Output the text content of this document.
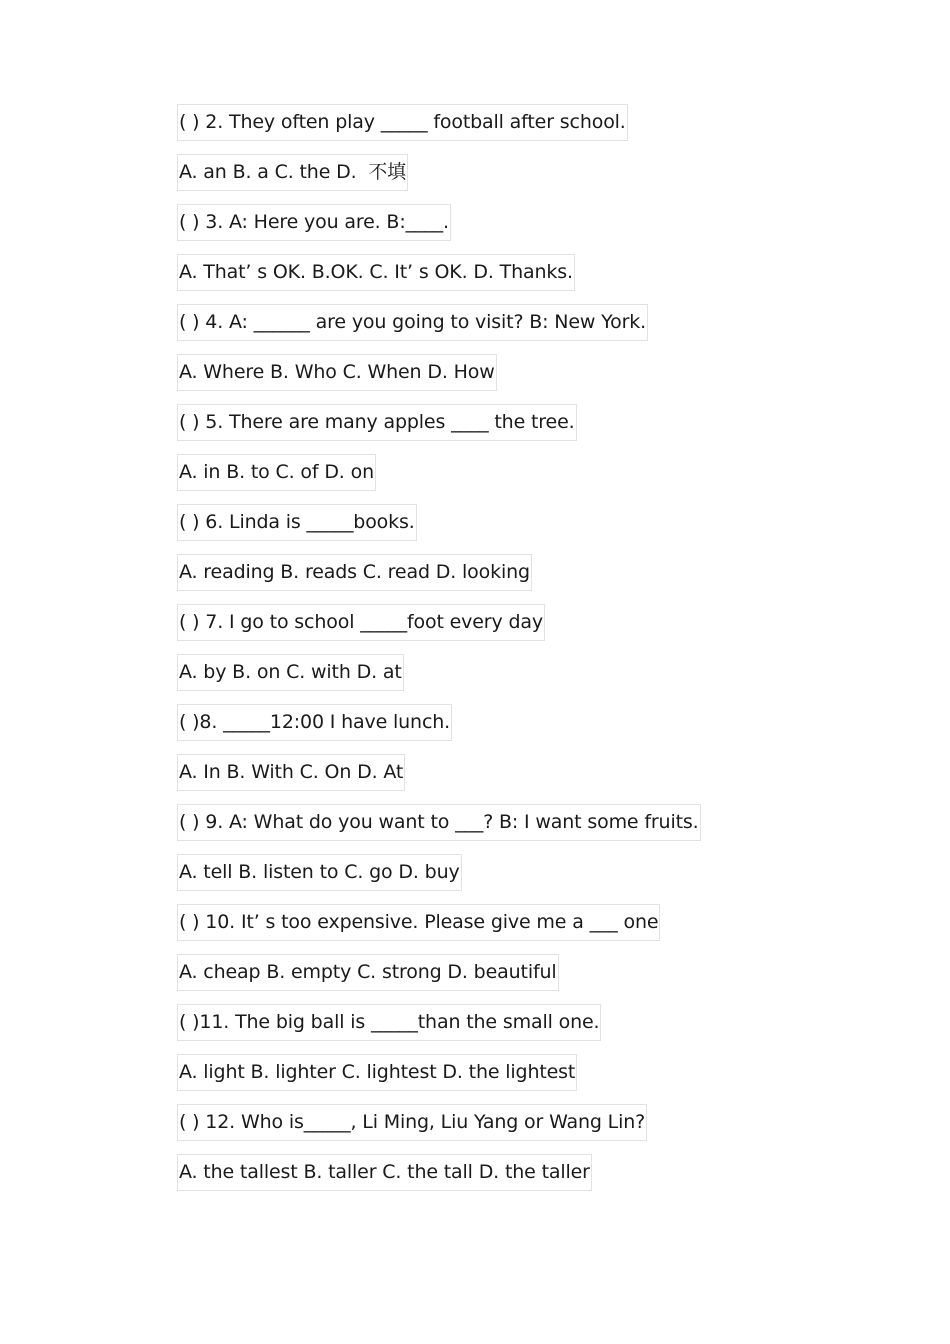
( ) 2. They often play _____ football after school.
A. an B. a C. the D.  不填
( ) 3. A: Here you are. B:____.
A. That’ s OK. B.OK. C. It’ s OK. D. Thanks.
( ) 4. A: ______ are you going to visit? B: New York.
A. Where B. Who C. When D. How
( ) 5. There are many apples ____ the tree.
A. in B. to C. of D. on
( ) 6. Linda is _____books.
A. reading B. reads C. read D. looking
( ) 7. I go to school _____foot every day
A. by B. on C. with D. at
( )8. _____12:00 I have lunch.
A. In B. With C. On D. At
( ) 9. A: What do you want to ___? B: I want some fruits.
A. tell B. listen to C. go D. buy
( ) 10. It’ s too expensive. Please give me a ___ one
A. cheap B. empty C. strong D. beautiful
( )11. The big ball is _____than the small one.
A. light B. lighter C. lightest D. the lightest
( ) 12. Who is_____, Li Ming, Liu Yang or Wang Lin?
A. the tallest B. taller C. the tall D. the taller
